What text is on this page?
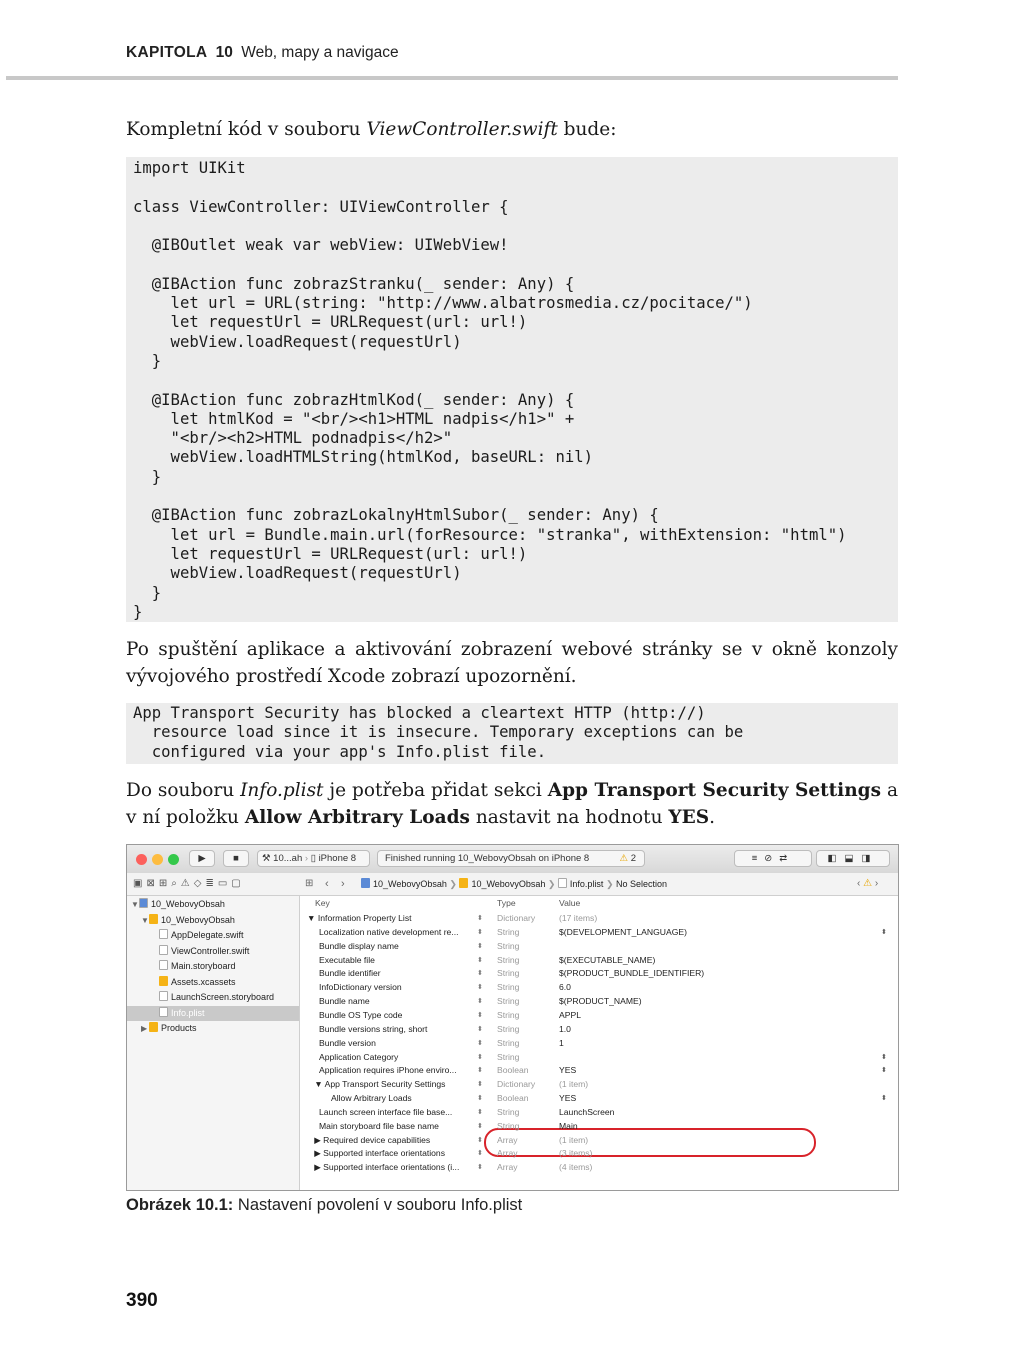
KAPITOLA 10 Web, mapy a navigace
Kompletní kód v souboru ViewController.swift bude:
import UIKit
class ViewController: UIViewController {
@IBOutlet weak var webView: UIWebView!
@IBAction func zobrazStranku(_ sender: Any) {
let url = URL(string: "http://www.albatrosmedia.cz/pocitace/")
let requestUrl = URLRequest(url: url!)
webView.loadRequest(requestUrl)
}
@IBAction func zobrazHtmlKod(_ sender: Any) {
let htmlKod = "<br/><h1>HTML nadpis</h1>" +
"<br/><h2>HTML podnadpis</h2>"
webView.loadHTMLString(htmlKod, baseURL: nil)
}
@IBAction func zobrazLokalnyHtmlSubor(_ sender: Any) {
let url = Bundle.main.url(forResource: "stranka", withExtension: "html")
let requestUrl = URLRequest(url: url!)
webView.loadRequest(requestUrl)
}
}
Po spuštění aplikace a aktivování zobrazení webové stránky se v okně konzoly vývojového prostředí Xcode zobrazí upozornění.
App Transport Security has blocked a cleartext HTTP (http://)
resource load since it is insecure. Temporary exceptions can be
configured via your app's Info.plist file.
Do souboru Info.plist je potřeba přidat sekci App Transport Security Settings a v ní položku Allow Arbitrary Loads nastavit na hodnotu YES.
▶	■	⚒ 10...ah › ▯ iPhone 8	Finished running 10_WebovyObsah on iPhone 8	⚠ 2	≡⊘⇄	◧⬓◨
▣⊠⊞⌕⚠◇≣▭▢	⊞ ‹ ›	10_WebovyObsah ❯ 10_WebovyObsah ❯ Info.plist ❯ No Selection	‹ ⚠ ›
▼ 10_WebovyObsah
▼ 10_WebovyObsah
AppDelegate.swift
ViewController.swift
Main.storyboard
Assets.xcassets
LaunchScreen.storyboard
Info.plist
▶ Products
Key	Type	Value
▼ Information Property List	⬍ Dictionary	(17 items)
Localization native development re...	⬍ String	$(DEVELOPMENT_LANGUAGE)	⬍
Bundle display name	⬍ String
Executable file	⬍ String	$(EXECUTABLE_NAME)
Bundle identifier	⬍ String	$(PRODUCT_BUNDLE_IDENTIFIER)
InfoDictionary version	⬍ String	6.0
Bundle name	⬍ String	$(PRODUCT_NAME)
Bundle OS Type code	⬍ String	APPL
Bundle versions string, short	⬍ String	1.0
Bundle version	⬍ String	1
Application Category	⬍ String	⬍
Application requires iPhone enviro...	⬍ Boolean	YES	⬍
▼ App Transport Security Settings	⬍ Dictionary	(1 item)
Allow Arbitrary Loads	⬍ Boolean	YES	⬍
Launch screen interface file base...	⬍ String	LaunchScreen
Main storyboard file base name	⬍ String	Main
▶ Required device capabilities	⬍ Array	(1 item)
▶ Supported interface orientations	⬍ Array	(3 items)
▶ Supported interface orientations (i...	⬍ Array	(4 items)
Obrázek 10.1: Nastavení povolení v souboru Info.plist
390
